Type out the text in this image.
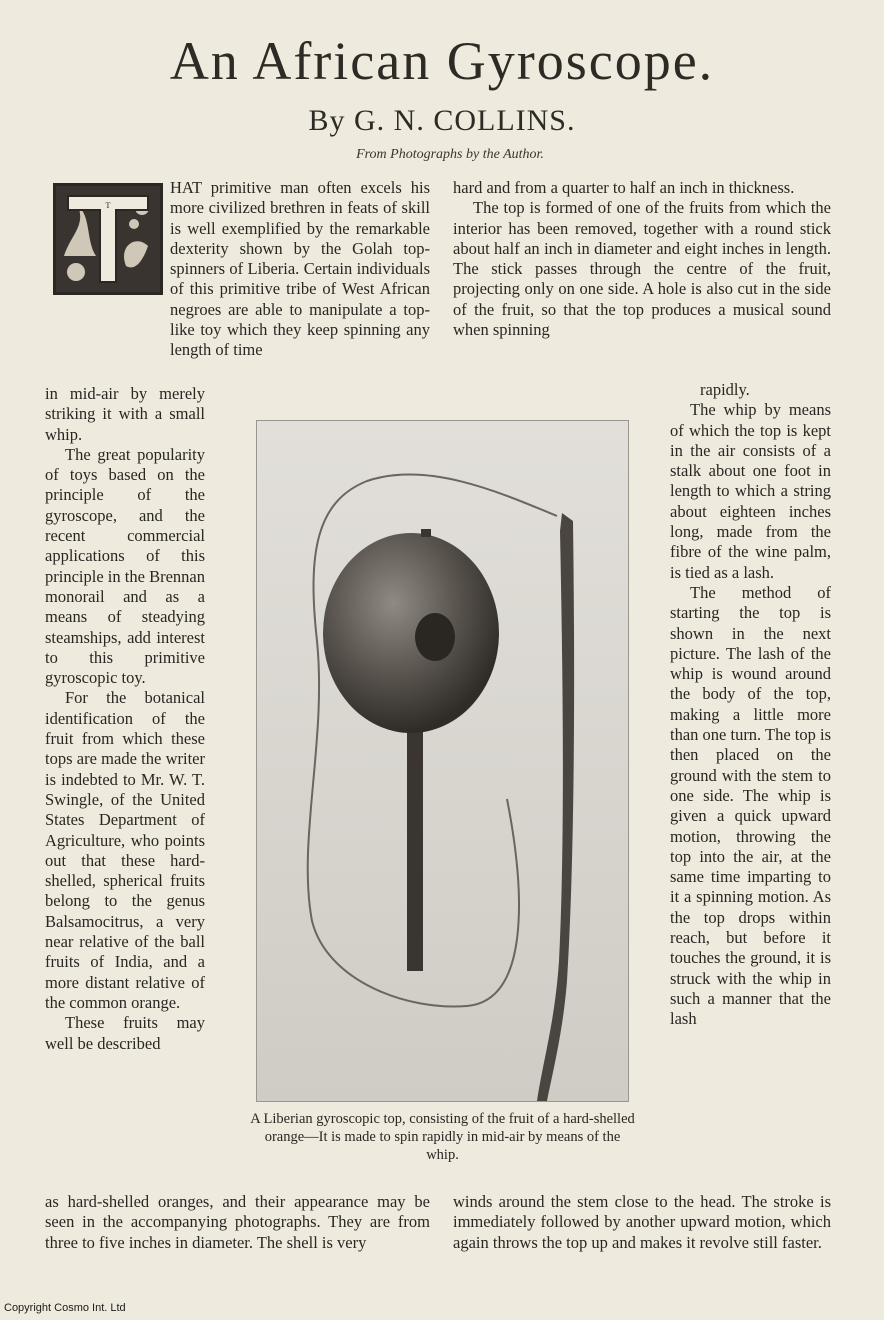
An African Gyroscope.
By G. N. COLLINS.
From Photographs by the Author.
T

HAT primitive man often excels his more civilized brethren in feats of skill is well exemplified by the remarkable dexterity shown by the Golah top-spinners of Liberia. Certain individuals of this primitive tribe of West African negroes are able to manipulate a top-like toy which they keep spinning any length of time

in mid-air by merely striking it with a small whip.

The great popularity of toys based on the principle of the gyroscope, and the recent commercial applications of this principle in the Brennan monorail and as a means of steadying steamships, add interest to this primitive gyroscopic toy.

For the botanical identification of the fruit from which these tops are made the writer is indebted to Mr. W. T. Swingle, of the United States Department of Agriculture, who points out that these hard-shelled, spherical fruits belong to the genus Balsamocitrus, a very near relative of the ball fruits of India, and a more distant relative of the common orange.

These fruits may well be described

as hard-shelled oranges, and their appearance may be seen in the accompanying photographs. They are from three to five inches in diameter. The shell is very

hard and from a quarter to half an inch in thickness.

The top is formed of one of the fruits from which the interior has been removed, together with a round stick about half an inch in diameter and eight inches in length. The stick passes through the centre of the fruit, projecting only on one side. A hole is also cut in the side of the fruit, so that the top produces a musical sound when spinning

rapidly.

The whip by means of which the top is kept in the air consists of a stalk about one foot in length to which a string about eighteen inches long, made from the fibre of the wine palm, is tied as a lash.

The method of starting the top is shown in the next picture. The lash of the whip is wound around the body of the top, making a little more than one turn. The top is then placed on the ground with the stem to one side. The whip is given a quick upward motion, throwing the top into the air, at the same time imparting to it a spinning motion. As the top drops within reach, but before it touches the ground, it is struck with the whip in such a manner that the lash

winds around the stem close to the head. The stroke is immediately followed by another upward motion, which again throws the top up and makes it revolve still faster.

A Liberian gyroscopic top, consisting of the fruit of a hard-shelled orange—It is made to spin rapidly in mid-air by means of the whip.
Copyright Cosmo Int. Ltd
